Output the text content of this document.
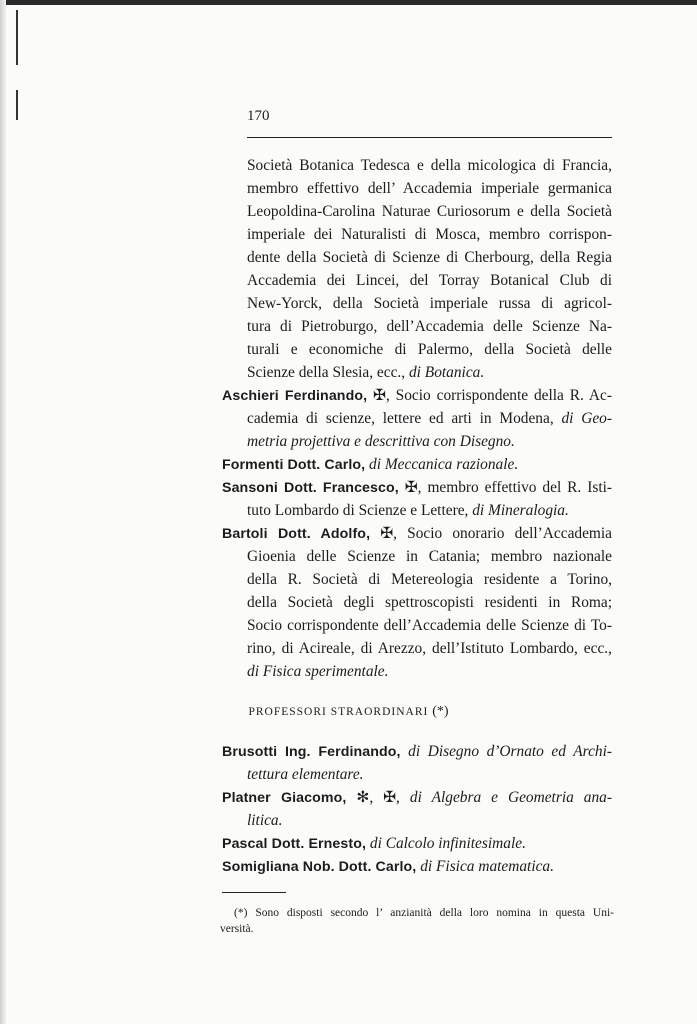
170
Società Botanica Tedesca e della micologica di Francia,
membro effettivo dell’ Accademia imperiale germanica
Leopoldina-Carolina Naturae Curiosorum e della Società
imperiale dei Naturalisti di Mosca, membro corrispon-
dente della Società di Scienze di Cherbourg, della Regia
Accademia dei Lincei, del Torray Botanical Club di
New-Yorck, della Società imperiale russa di agricol-
tura di Pietroburgo, dell’Accademia delle Scienze Na-
turali e economiche di Palermo, della Società delle
Scienze della Slesia, ecc., di Botanica.
Aschieri Ferdinando, ✠, Socio corrispondente della R. Ac-
cademia di scienze, lettere ed arti in Modena, di Geo-
metria projettiva e descrittiva con Disegno.
Formenti Dott. Carlo, di Meccanica razionale.
Sansoni Dott. Francesco, ✠, membro effettivo del R. Isti-
tuto Lombardo di Scienze e Lettere, di Mineralogia.
Bartoli Dott. Adolfo, ✠, Socio onorario dell’Accademia
Gioenia delle Scienze in Catania; membro nazionale
della R. Società di Metereologia residente a Torino,
della Società degli spettroscopisti residenti in Roma;
Socio corrispondente dell’Accademia delle Scienze di To-
rino, di Acireale, di Arezzo, dell’Istituto Lombardo, ecc.,
di Fisica sperimentale.
PROFESSORI STRAORDINARI (*)
Brusotti Ing. Ferdinando, di Disegno d’Ornato ed Archi-
tettura elementare.
Platner Giacomo, ✻, ✠, di Algebra e Geometria ana-
litica.
Pascal Dott. Ernesto, di Calcolo infinitesimale.
Somigliana Nob. Dott. Carlo, di Fisica matematica.
(*) Sono disposti secondo l’ anzianità della loro nomina in questa Uni-
versità.
